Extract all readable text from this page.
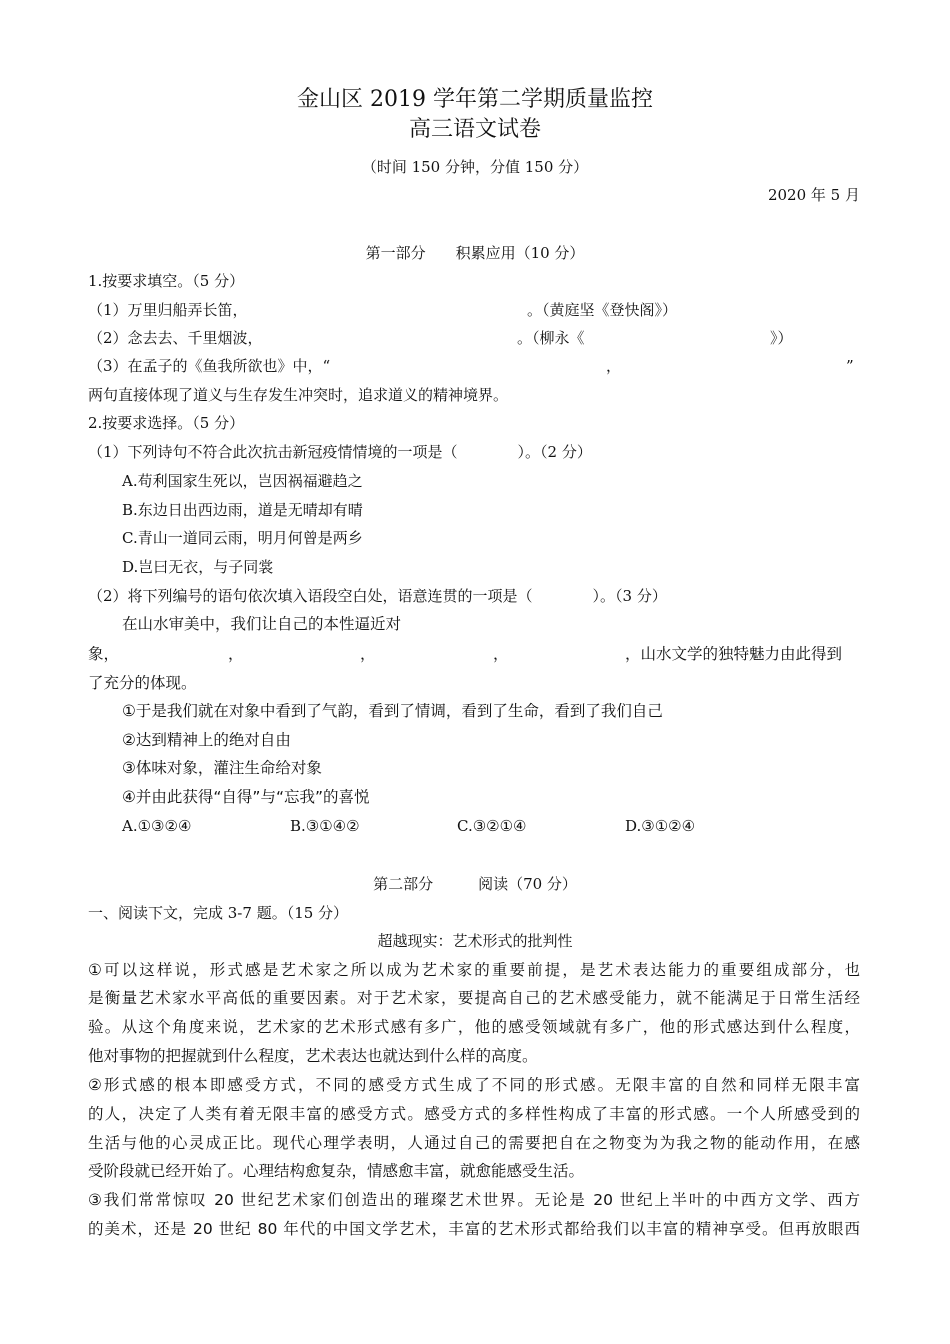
金山区 2019 学年第二学期质量监控
高三语文试卷
（时间 150 分钟，分值 150 分）
2020 年 5 月
第一部分　　积累应用（10 分）
1.按要求填空。（5 分）
（1）万里归船弄长笛，	。（黄庭坚《登快阁》）
（2）念去去、千里烟波，	。（柳永《	》）
（3）在孟子的《鱼我所欲也》中，“	，	”
两句直接体现了道义与生存发生冲突时，追求道义的精神境界。
2.按要求选择。（5 分）
（1）下列诗句不符合此次抗击新冠疫情情境的一项是（　　　　）。（2 分）
A.苟利国家生死以，岂因祸福避趋之
B.东边日出西边雨，道是无晴却有晴
C.青山一道同云雨，明月何曾是两乡
D.岂曰无衣，与子同裳
（2）将下列编号的语句依次填入语段空白处，语意连贯的一项是（　　　　）。（3 分）
在山水审美中，我们让自己的本性逼近对
象，	，	，	，	，山水文学的独特魅力由此得到
了充分的体现。
①于是我们就在对象中看到了气韵，看到了情调，看到了生命，看到了我们自己
②达到精神上的绝对自由
③体味对象，灌注生命给对象
④并由此获得“自得”与“忘我”的喜悦
A.①③②④	B.③①④②	C.③②①④	D.③①②④
第二部分　　　阅读（70 分）
一、阅读下文，完成 3-7 题。（15 分）
超越现实：艺术形式的批判性
①可以这样说，形式感是艺术家之所以成为艺术家的重要前提，是艺术表达能力的重要组成部分，也
是衡量艺术家水平高低的重要因素。对于艺术家，要提高自己的艺术感受能力，就不能满足于日常生活经
验。从这个角度来说，艺术家的艺术形式感有多广，他的感受领域就有多广，他的形式感达到什么程度，
他对事物的把握就到什么程度，艺术表达也就达到什么样的高度。
②形式感的根本即感受方式，不同的感受方式生成了不同的形式感。无限丰富的自然和同样无限丰富
的人，决定了人类有着无限丰富的感受方式。感受方式的多样性构成了丰富的形式感。一个人所感受到的
生活与他的心灵成正比。现代心理学表明，人通过自己的需要把自在之物变为为我之物的能动作用，在感
受阶段就已经开始了。心理结构愈复杂，情感愈丰富，就愈能感受生活。
③我们常常惊叹 20 世纪艺术家们创造出的璀璨艺术世界。无论是 20 世纪上半叶的中西方文学、西方
的美术，还是 20 世纪 80 年代的中国文学艺术，丰富的艺术形式都给我们以丰富的精神享受。但再放眼西
